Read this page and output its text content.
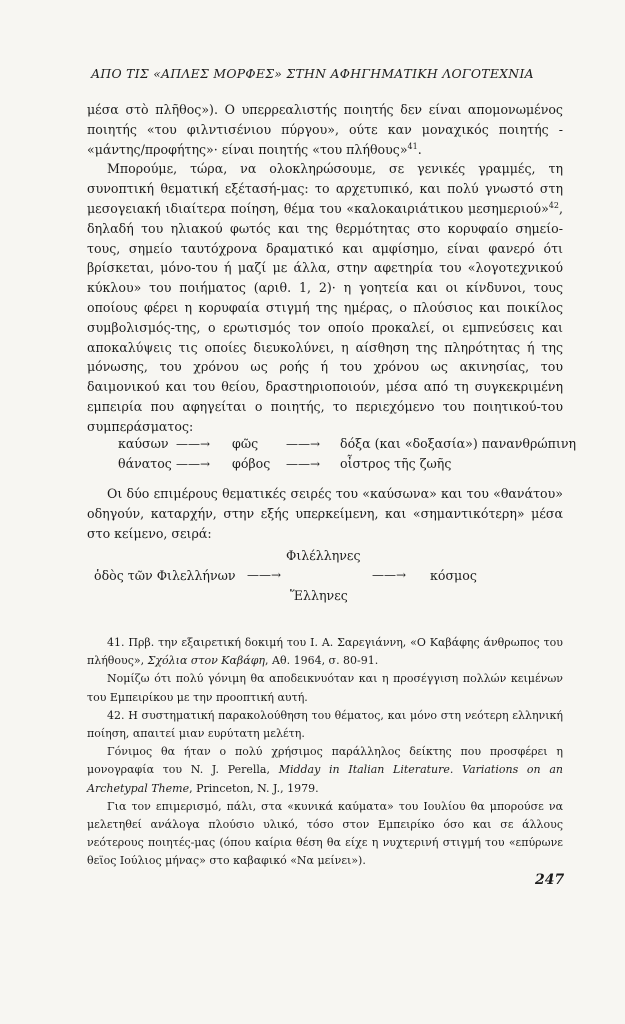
ΑΠΟ ΤΙΣ «ΑΠΛΕΣ ΜΟΡΦΕΣ» ΣΤΗΝ ΑΦΗΓΗΜΑΤΙΚΗ ΛΟΓΟΤΕΧΝΙΑ

μέσα στὸ πλῆθος»). Ο υπερρεαλιστής ποιητής δεν είναι απομονωμένος ποιητής «του φιλντισένιου πύργου», ούτε καν μοναχικός ποιητής - «μάντης/προφήτης»· είναι ποιητής «του πλήθους»$^{41}$.

Μπορούμε, τώρα, να ολοκληρώσουμε, σε γενικές γραμμές, τη συνοπτική θεματική εξέτασή-μας: το αρχετυπικό, και πολύ γνωστό στη μεσογειακή ιδιαίτερα ποίηση, θέμα του «καλοκαιριάτικου μεσημεριού»$^{42}$, δηλαδή του ηλιακού φωτός και της θερμότητας στο κορυφαίο σημείο-τους, σημείο ταυτόχρονα δραματικό και αμφίσημο, είναι φανερό ότι βρίσκεται, μόνο-του ή μαζί με άλλα, στην αφετηρία του «λογοτεχνικού κύκλου» του ποιήματος (αριθ. 1, 2)· η γοητεία και οι κίνδυνοι, τους οποίους φέρει η κορυφαία στιγμή της ημέρας, ο πλούσιος και ποικίλος συμβολισμός-της, ο ερωτισμός τον οποίο προκαλεί, οι εμπνεύσεις και αποκαλύψεις τις οποίες διευκολύνει, η αίσθηση της πληρότητας ή της μόνωσης, του χρόνου ως ροής ή του χρόνου ως ακινησίας, του δαιμονικού και του θείου, δραστηριοποιούν, μέσα από τη συγκεκριμένη εμπειρία που αφηγείται ο ποιητής, το περιεχόμενο του ποιητικού-του συμπεράσματος:

καύσων ——→ φῶς ——→ δόξα (και «δοξασία») πανανθρώπινη
θάνατος ——→ φόβος ——→ οἶστρος τῆς ζωῆς

Οι δύο επιμέρους θεματικές σειρές του «καύσωνα» και του «θανάτου» οδηγούν, καταρχήν, στην εξής υπερκείμενη, και «σημαντικότερη» μέσα στο κείμενο, σειρά:

Φιλέλληνες
ὁδὸς τῶν Φιλελλήνων ——→	——→ κόσμος
Ἕλληνες

41. Πρβ. την εξαιρετική δοκιμή του Ι. Α. Σαρεγιάννη, «Ο Καβάφης άνθρωπος του πλήθους», Σχόλια στον Καβάφη, Αθ. 1964, σ. 80-91.

Νομίζω ότι πολύ γόνιμη θα αποδεικνυόταν και η προσέγγιση πολλών κειμένων του Εμπειρίκου με την προοπτική αυτή.

42. Η συστηματική παρακολούθηση του θέματος, και μόνο στη νεότερη ελληνική ποίηση, απαιτεί μιαν ευρύτατη μελέτη.

Γόνιμος θα ήταν ο πολύ χρήσιμος παράλληλος δείκτης που προσφέρει η μονογραφία του N. J. Perella, Midday in Italian Literature. Variations on an Archetypal Theme, Princeton, N. J., 1979.

Για τον επιμερισμό, πάλι, στα «κυνικά καύματα» του Ιουλίου θα μπορούσε να μελετηθεί ανάλογα πλούσιο υλικό, τόσο στον Εμπειρίκο όσο και σε άλλους νεότερους ποιητές-μας (όπου καίρια θέση θα είχε η νυχτερινή στιγμή του «επύρωνε θεϊος Ιούλιος μήνας» στο καβαφικό «Να μείνει»).

247
